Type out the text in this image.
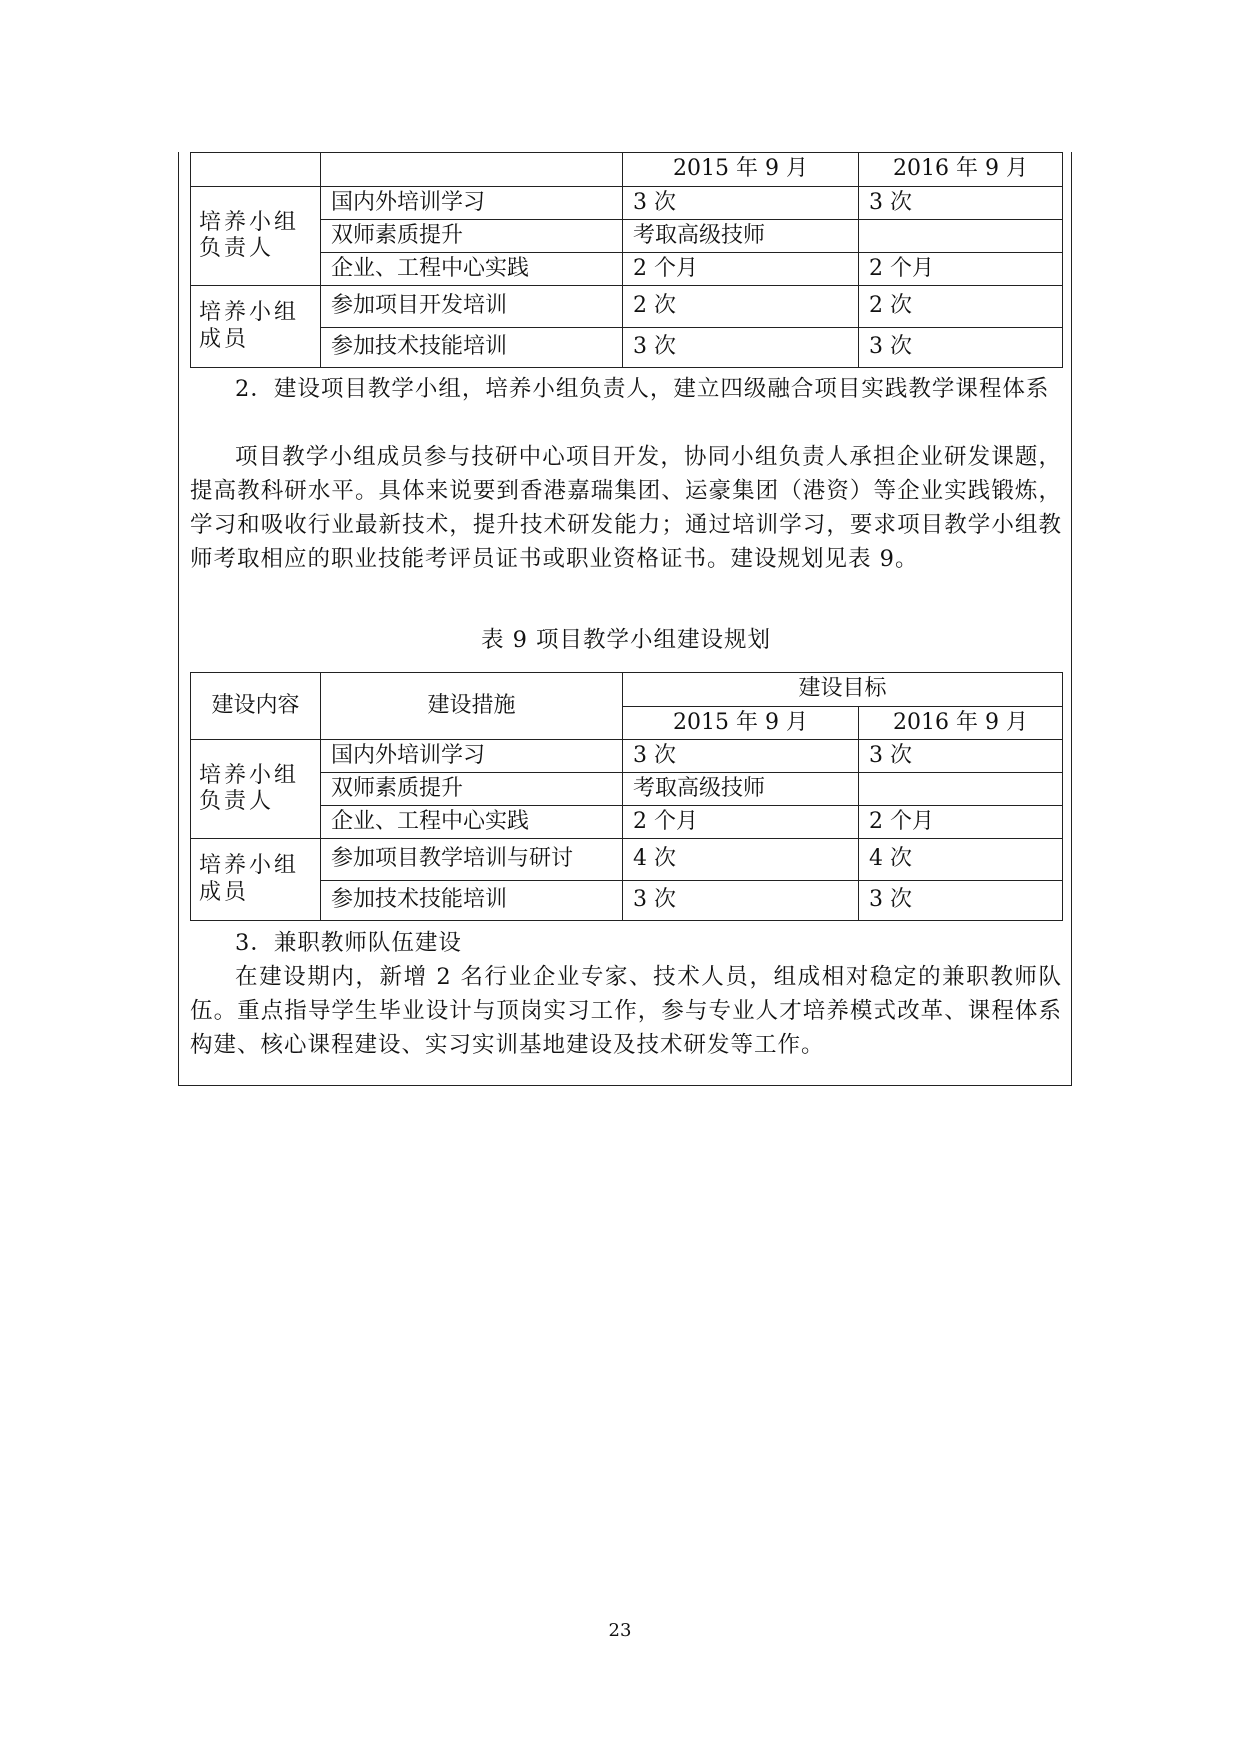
		2015 年 9 月	2016 年 9 月
培养小组负责人	国内外培训学习	3 次	3 次
	双师素质提升	考取高级技师	
	企业、工程中心实践	2 个月	2 个月
培养小组成员	参加项目开发培训	2 次	2 次
	参加技术技能培训	3 次	3 次

2．建设项目教学小组，培养小组负责人，建立四级融合项目实践教学课程体系

项目教学小组成员参与技研中心项目开发，协同小组负责人承担企业研发课题，提高教科研水平。具体来说要到香港嘉瑞集团、运豪集团（港资）等企业实践锻炼，学习和吸收行业最新技术，提升技术研发能力；通过培训学习，要求项目教学小组教师考取相应的职业技能考评员证书或职业资格证书。建设规划见表 9。

表 9 项目教学小组建设规划
建设内容	建设措施	建设目标	
		2015 年 9 月	2016 年 9 月
培养小组负责人	国内外培训学习	3 次	3 次
	双师素质提升	考取高级技师	
	企业、工程中心实践	2 个月	2 个月
培养小组成员	参加项目教学培训与研讨	4 次	4 次
	参加技术技能培训	3 次	3 次

3．兼职教师队伍建设

在建设期内，新增 2 名行业企业专家、技术人员，组成相对稳定的兼职教师队伍。重点指导学生毕业设计与顶岗实习工作，参与专业人才培养模式改革、课程体系构建、核心课程建设、实习实训基地建设及技术研发等工作。

23
